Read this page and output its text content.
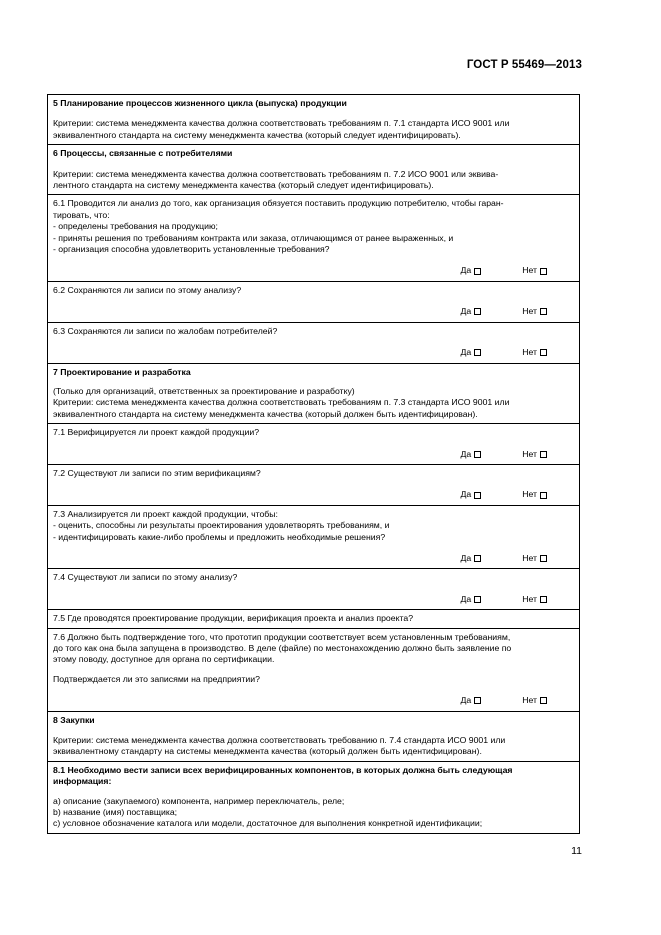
ГОСТ Р 55469—2013
5 Планирование процессов жизненного цикла (выпуска) продукции
Критерии: система менеджмента качества должна соответствовать требованиям п. 7.1 стандарта ИСО 9001 или
эквивалентного стандарта на систему менеджмента качества (который следует идентифицировать).

6 Процессы, связанные с потребителями
Критерии: система менеджмента качества должна соответствовать требованиям п. 7.2 ИСО 9001 или эквива-
лентного стандарта на систему менеджмента качества (который следует идентифицировать).

6.1 Проводится ли анализ до того, как организация обязуется поставить продукцию потребителю, чтобы гаран-
тировать, что:
- определены требования на продукцию;
- приняты решения по требованиям контракта или заказа, отличающимся от ранее выраженных, и
- организация способна удовлетворить установленные требования?
Да	Нет

6.2 Сохраняются ли записи по этому анализу?
Да	Нет

6.3 Сохраняются ли записи по жалобам потребителей?
Да	Нет

7 Проектирование и разработка
(Только для организаций, ответственных за проектирование и разработку)
Критерии: система менеджмента качества должна соответствовать требованиям п. 7.3 стандарта ИСО 9001 или
эквивалентного стандарта на систему менеджмента качества (который должен быть идентифицирован).

7.1 Верифицируется ли проект каждой продукции?
Да	Нет

7.2 Существуют ли записи по этим верификациям?
Да	Нет

7.3 Анализируется ли проект каждой продукции, чтобы:
- оценить, способны ли результаты проектирования удовлетворять требованиям, и
- идентифицировать какие-либо проблемы и предложить необходимые решения?
Да	Нет

7.4 Существуют ли записи по этому анализу?
Да	Нет

7.5 Где проводятся проектирование продукции, верификация проекта и анализ проекта?

7.6 Должно быть подтверждение того, что прототип продукции соответствует всем установленным требованиям,
до того как она была запущена в производство. В деле (файле) по местонахождению должно быть заявление по
этому поводу, доступное для органа по сертификации.
Подтверждается ли это записями на предприятии?
Да	Нет

8 Закупки
Критерии: система менеджмента качества должна соответствовать требованию п. 7.4 стандарта ИСО 9001 или
эквивалентному стандарту на системы менеджмента качества (который должен быть идентифицирован).

8.1 Необходимо вести записи всех верифицированных компонентов, в которых должна быть следующая
информация:
a) описание (закупаемого) компонента, например переключатель, реле;
b) название (имя) поставщика;
c) условное обозначение каталога или модели, достаточное для выполнения конкретной идентификации;
11
